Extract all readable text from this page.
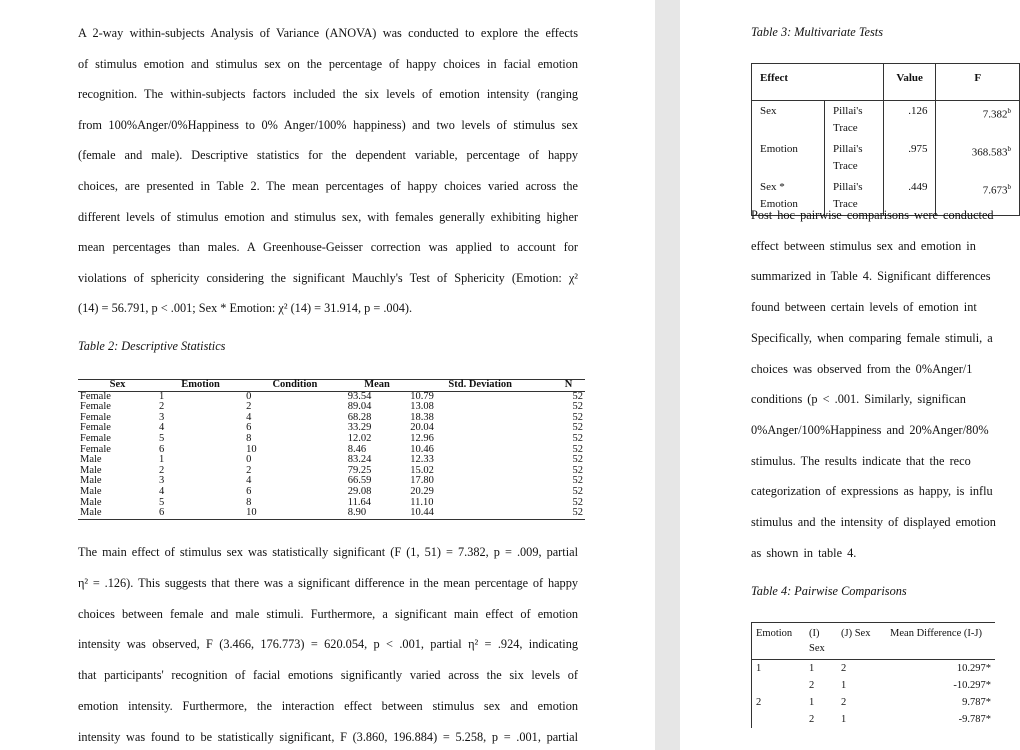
A 2-way within-subjects Analysis of Variance (ANOVA) was conducted to explore the effects
of stimulus emotion and stimulus sex on the percentage of happy choices in facial emotion
recognition. The within-subjects factors included the six levels of emotion intensity (ranging
from 100%Anger/0%Happiness to 0% Anger/100% happiness) and two levels of stimulus sex
(female and male). Descriptive statistics for the dependent variable, percentage of happy
choices, are presented in Table 2. The mean percentages of happy choices varied across the
different levels of stimulus emotion and stimulus sex, with females generally exhibiting higher
mean percentages than males. A Greenhouse-Geisser correction was applied to account for
violations of sphericity considering the significant Mauchly's Test of Sphericity (Emotion: χ²
(14) = 56.791, p < .001; Sex * Emotion: χ² (14) = 31.914, p = .004).
Table 2: Descriptive Statistics
Sex	Emotion	Condition	Mean	Std. Deviation	N
Female	1	0	93.54	10.79	52
Female	2	2	89.04	13.08	52
Female	3	4	68.28	18.38	52
Female	4	6	33.29	20.04	52
Female	5	8	12.02	12.96	52
Female	6	10	8.46	10.46	52
Male	1	0	83.24	12.33	52
Male	2	2	79.25	15.02	52
Male	3	4	66.59	17.80	52
Male	4	6	29.08	20.29	52
Male	5	8	11.64	11.10	52
Male	6	10	8.90	10.44	52
The main effect of stimulus sex was statistically significant (F (1, 51) = 7.382, p = .009, partial
η² = .126). This suggests that there was a significant difference in the mean percentage of happy
choices between female and male stimuli. Furthermore, a significant main effect of emotion
intensity was observed, F (3.466, 176.773) = 620.054, p < .001, partial η² = .924, indicating
that participants' recognition of facial emotions significantly varied across the six levels of
emotion intensity. Furthermore, the interaction effect between stimulus sex and emotion
intensity was found to be statistically significant, F (3.860, 196.884) = 5.258, p = .001, partial
Table 3: Multivariate Tests
Effect		Value	F
Sex	Pillai's Trace	.126	7.382$^b$
Emotion	Pillai's Trace	.975	368.583$^b$
Sex * Emotion	Pillai's Trace	.449	7.673$^b$
Post hoc pairwise comparisons were conducted
effect between stimulus sex and emotion in
summarized in Table 4. Significant differences
found between certain levels of emotion int
Specifically, when comparing female stimuli, a
choices was observed from the 0%Anger/1
conditions (p < .001. Similarly, significan
0%Anger/100%Happiness and 20%Anger/80%
stimulus. The results indicate that the reco
categorization of expressions as happy, is influ
stimulus and the intensity of displayed emotion
as shown in table 4.
Table 4: Pairwise Comparisons
Emotion	(I) Sex	(J) Sex	Mean Difference (I-J)
1	1	2	10.297*
	2	1	-10.297*
2	1	2	9.787*
	2	1	-9.787*
